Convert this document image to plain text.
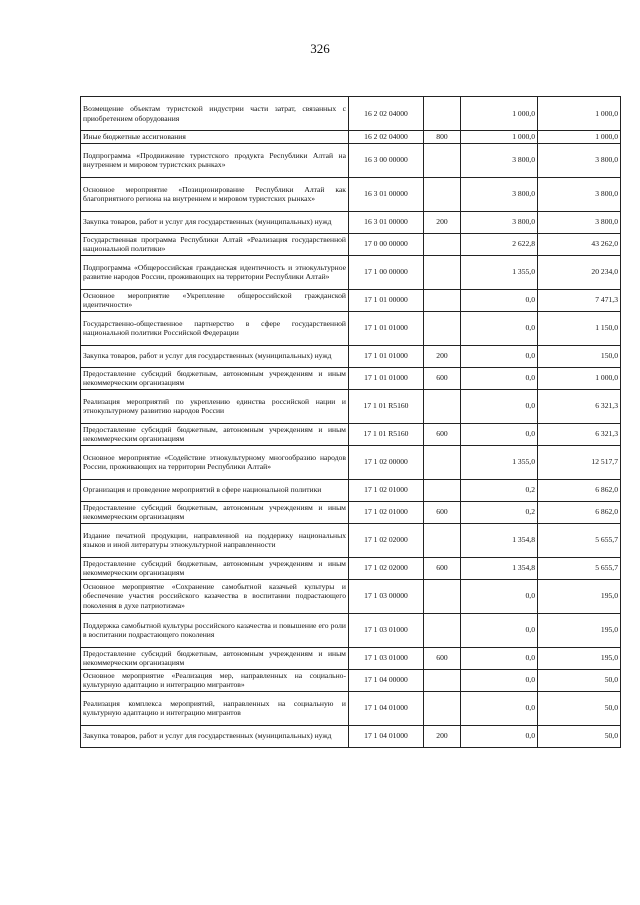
326
Возмещение объектам туристской индустрии части затрат, связанных с приобретением оборудования	16 2 02 04000		1 000,0	1 000,0
Иные бюджетные ассигнования	16 2 02 04000	800	1 000,0	1 000,0
Подпрограмма «Продвижение туристского продукта Республики Алтай на внутреннем и мировом туристских рынках»	16 3 00 00000		3 800,0	3 800,0
Основное мероприятие «Позиционирование Республики Алтай как благоприятного региона на внутреннем и мировом туристских рынках»	16 3 01 00000		3 800,0	3 800,0
Закупка товаров, работ и услуг для государственных (муниципальных) нужд	16 3 01 00000	200	3 800,0	3 800,0
Государственная программа Республики Алтай «Реализация государственной национальной политики»	17 0 00 00000		2 622,8	43 262,0
Подпрограмма «Общероссийская гражданская идентичность и этнокультурное развитие народов России, проживающих на территории Республики Алтай»	17 1 00 00000		1 355,0	20 234,0
Основное мероприятие «Укрепление общероссийской гражданской идентичности»	17 1 01 00000		0,0	7 471,3
Государственно-общественное партнерство в сфере государственной национальной политики Российской Федерации	17 1 01 01000		0,0	1 150,0
Закупка товаров, работ и услуг для государственных (муниципальных) нужд	17 1 01 01000	200	0,0	150,0
Предоставление субсидий бюджетным, автономным учреждениям и иным некоммерческим организациям	17 1 01 01000	600	0,0	1 000,0
Реализация мероприятий по укреплению единства российской нации и этнокультурному развитию народов России	17 1 01 R5160		0,0	6 321,3
Предоставление субсидий бюджетным, автономным учреждениям и иным некоммерческим организациям	17 1 01 R5160	600	0,0	6 321,3
Основное мероприятие «Содействие этнокультурному многообразию народов России, проживающих на территории Республики Алтай»	17 1 02 00000		1 355,0	12 517,7
Организация и проведение мероприятий в сфере национальной политики	17 1 02 01000		0,2	6 862,0
Предоставление субсидий бюджетным, автономным учреждениям и иным некоммерческим организациям	17 1 02 01000	600	0,2	6 862,0
Издание печатной продукции, направленной на поддержку национальных языков и иной литературы этнокультурной направленности	17 1 02 02000		1 354,8	5 655,7
Предоставление субсидий бюджетным, автономным учреждениям и иным некоммерческим организациям	17 1 02 02000	600	1 354,8	5 655,7
Основное мероприятие «Сохранение самобытной казачьей культуры и обеспечение участия российского казачества в воспитании подрастающего поколения в духе патриотизма»	17 1 03 00000		0,0	195,0
Поддержка самобытной культуры российского казачества и повышение его роли в воспитании подрастающего поколения	17 1 03 01000		0,0	195,0
Предоставление субсидий бюджетным, автономным учреждениям и иным некоммерческим организациям	17 1 03 01000	600	0,0	195,0
Основное мероприятие «Реализация мер, направленных на социально-культурную адаптацию и интеграцию мигрантов»	17 1 04 00000		0,0	50,0
Реализация комплекса мероприятий, направленных на социальную и культурную адаптацию и интеграцию мигрантов	17 1 04 01000		0,0	50,0
Закупка товаров, работ и услуг для государственных (муниципальных) нужд	17 1 04 01000	200	0,0	50,0
